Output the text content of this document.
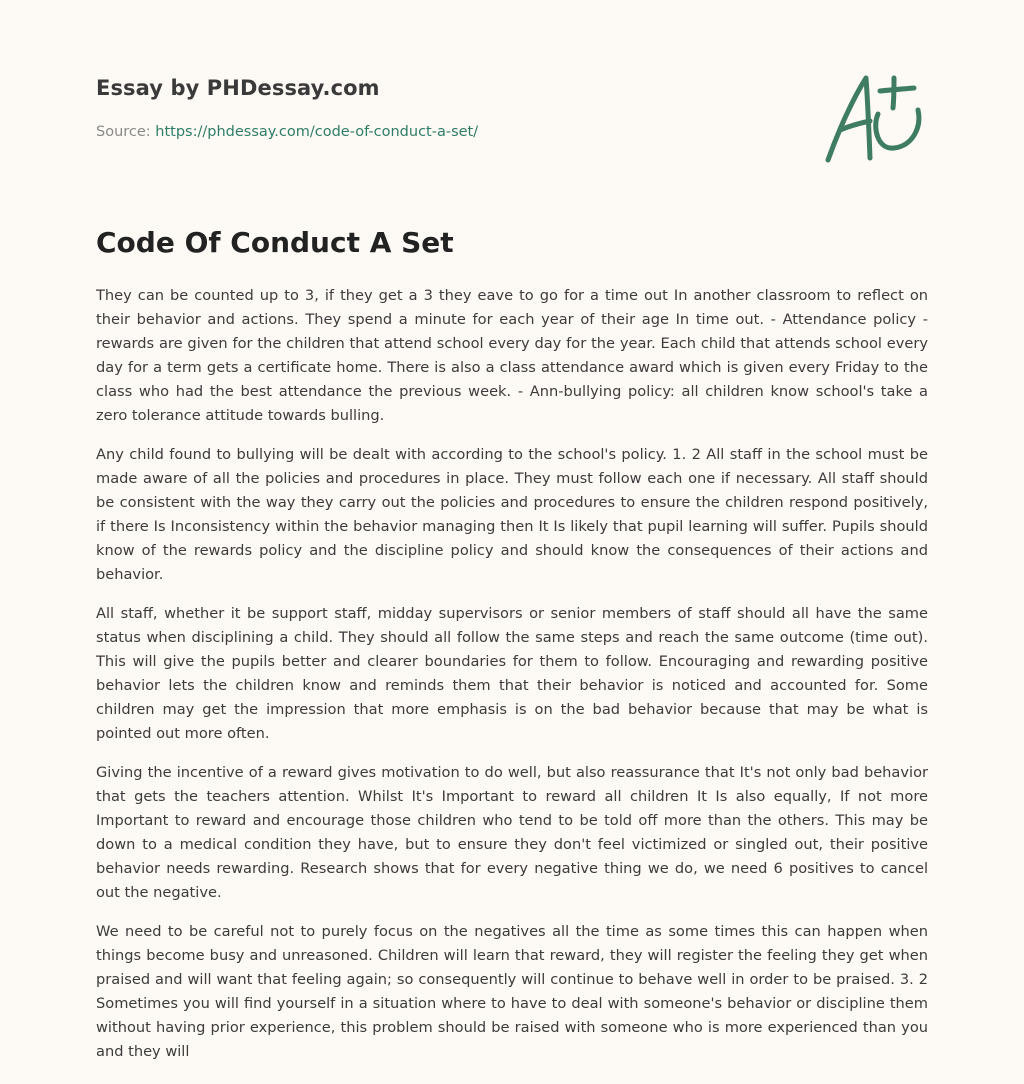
Essay by PHDessay.com
Source: https://phdessay.com/code-of-conduct-a-set/
Code Of Conduct A Set

They can be counted up to 3, if they get a 3 they eave to go for a time out In another classroom to reflect on their behavior and actions. They spend a minute for each year of their age In time out. - Attendance policy - rewards are given for the children that attend school every day for the year. Each child that attends school every day for a term gets a certificate home. There is also a class attendance award which is given every Friday to the class who had the best attendance the previous week. - Ann-bullying policy: all children know school's take a zero tolerance attitude towards bulling.

Any child found to bullying will be dealt with according to the school's policy. 1. 2 All staff in the school must be made aware of all the policies and procedures in place. They must follow each one if necessary. All staff should be consistent with the way they carry out the policies and procedures to ensure the children respond positively, if there Is Inconsistency within the behavior managing then It Is likely that pupil learning will suffer. Pupils should know of the rewards policy and the discipline policy and should know the consequences of their actions and behavior.

All staff, whether it be support staff, midday supervisors or senior members of staff should all have the same status when disciplining a child. They should all follow the same steps and reach the same outcome (time out). This will give the pupils better and clearer boundaries for them to follow. Encouraging and rewarding positive behavior lets the children know and reminds them that their behavior is noticed and accounted for. Some children may get the impression that more emphasis is on the bad behavior because that may be what is pointed out more often.

Giving the incentive of a reward gives motivation to do well, but also reassurance that It's not only bad behavior that gets the teachers attention. Whilst It's Important to reward all children It Is also equally, If not more Important to reward and encourage those children who tend to be told off more than the others. This may be down to a medical condition they have, but to ensure they don't feel victimized or singled out, their positive behavior needs rewarding. Research shows that for every negative thing we do, we need 6 positives to cancel out the negative.

We need to be careful not to purely focus on the negatives all the time as some times this can happen when things become busy and unreasoned. Children will learn that reward, they will register the feeling they get when praised and will want that feeling again; so consequently will continue to behave well in order to be praised. 3. 2 Sometimes you will find yourself in a situation where to have to deal with someone's behavior or discipline them without having prior experience, this problem should be raised with someone who is more experienced than you and they will
